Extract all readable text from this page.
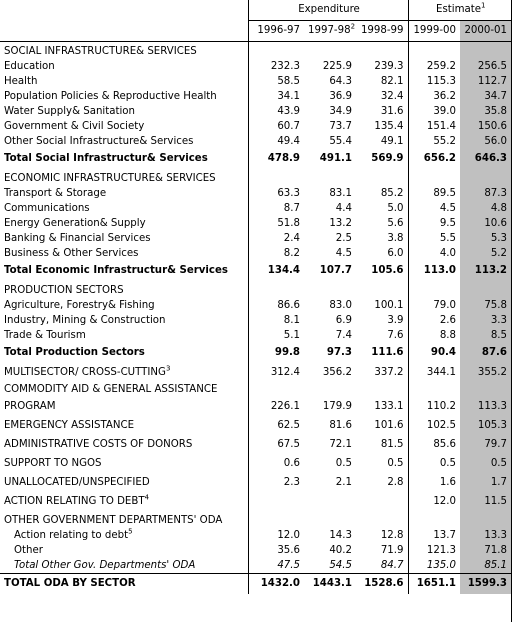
	Expenditure			Estimate$^1$
	1996-97	$1997-98^2$	1998-99	1999-00	2000-01
SOCIAL INFRASTRUCTURE& SERVICES					
Education	232.3	225.9	239.3	259.2	256.5
Health	58.5	64.3	82.1	115.3	112.7
Population Policies & Reproductive Health	34.1	36.9	32.4	36.2	34.7
Water Supply& Sanitation	43.9	34.9	31.6	39.0	35.8
Government & Civil Society	60.7	73.7	135.4	151.4	150.6
Other Social Infrastructure& Services	49.4	55.4	49.1	55.2	56.0
Total Social Infrastructur& Services	478.9	491.1	569.9	656.2	646.3
ECONOMIC INFRASTRUCTURE& SERVICES					
Transport & Storage	63.3	83.1	85.2	89.5	87.3
Communications	8.7	4.4	5.0	4.5	4.8
Energy Generation& Supply	51.8	13.2	5.6	9.5	10.6
Banking & Financial Services	2.4	2.5	3.8	5.5	5.3
Business & Other Services	8.2	4.5	6.0	4.0	5.2
Total Economic Infrastructur& Services	134.4	107.7	105.6	113.0	113.2
PRODUCTION SECTORS					
Agriculture, Forestry& Fishing	86.6	83.0	100.1	79.0	75.8
Industry, Mining & Construction	8.1	6.9	3.9	2.6	3.3
Trade & Tourism	5.1	7.4	7.6	8.8	8.5
Total Production Sectors	99.8	97.3	111.6	90.4	87.6
MULTISECTOR/ CROSS-CUTTING$^3$	312.4	356.2	337.2	344.1	355.2
COMMODITY AID & GENERAL ASSISTANCE					
PROGRAM	226.1	179.9	133.1	110.2	113.3
EMERGENCY ASSISTANCE	62.5	81.6	101.6	102.5	105.3
ADMINISTRATIVE COSTS OF DONORS	67.5	72.1	81.5	85.6	79.7
SUPPORT TO NGOS	0.6	0.5	0.5	0.5	0.5
UNALLOCATED/UNSPECIFIED	2.3	2.1	2.8	1.6	1.7
ACTION RELATING TO DEBT$^4$				12.0	11.5
OTHER GOVERNMENT DEPARTMENTS' ODA					
Action relating to debt$^5$	12.0	14.3	12.8	13.7	13.3
Other	35.6	40.2	71.9	121.3	71.8
Total Other Gov. Departments' ODA	47.5	54.5	84.7	135.0	85.1
TOTAL ODA BY SECTOR	1432.0	1443.1	1528.6	1651.1	1599.3
